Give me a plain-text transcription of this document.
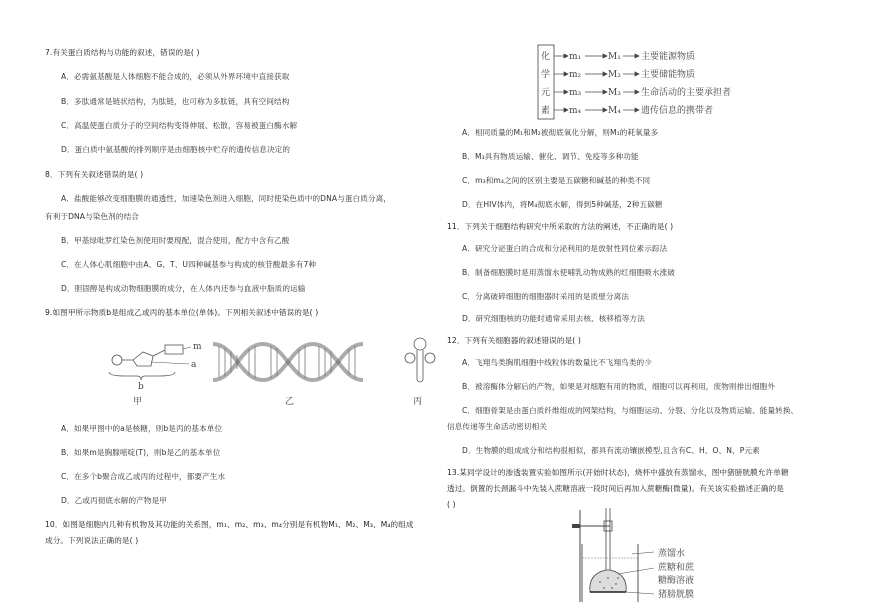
7.有关蛋白质结构与功能的叙述，错误的是( )
A．必需氨基酸是人体细胞不能合成的，必须从外界环境中直接获取
B．多肽通常是链状结构，为肽链，也可称为多肽链，具有空间结构
C．高温使蛋白质分子的空间结构变得伸展、松散，容易被蛋白酶水解
D．蛋白质中氨基酸的排列顺序是由细胞核中贮存的遗传信息决定的
8．下列有关叙述错误的是( )
A．盐酸能够改变细胞膜的通透性，加速染色剂进入细胞，同时使染色质中的DNA与蛋白质分离，
有利于DNA与染色剂的结合
B．甲基绿吡罗红染色剂使用时要现配，混合使用，配方中含有乙酸
C．在人体心肌细胞中由A、G、T、U四种碱基参与构成的核苷酸最多有7种
D．胆固醇是构成动物细胞膜的成分，在人体内还参与血液中脂质的运输
9.如图甲所示物质b是组成乙或丙的基本单位(单体)。下列相关叙述中错误的是( )
m
a
b
甲	乙	丙
A．如果甲图中的a是核糖，则b是丙的基本单位
B．如果m是胸腺嘧啶(T)，则b是乙的基本单位
C．在多个b聚合成乙或丙的过程中，都要产生水
D．乙或丙彻底水解的产物是甲
10．如图是细胞内几种有机物及其功能的关系图，m₁、m₂、m₃、m₄分别是有机物M₁、M₂、M₃、M₄的组成
成分。下列说法正确的是( )
化
学
元
素
m₁	M₁ 主要能源物质
m₂	M₂ 主要储能物质
m₃	M₃ 生命活动的主要承担者
m₄	M₄ 遗传信息的携带者
A．相同质量的M₁和M₂被彻底氧化分解，则M₁的耗氧量多
B．M₃具有物质运输、催化、调节、免疫等多种功能
C．m₃和m₄之间的区别主要是五碳糖和碱基的种类不同
D．在HIV体内，将M₄彻底水解，得到5种碱基，2种五碳糖
11．下列关于细胞结构研究中所采取的方法的阐述，不正确的是( )
A．研究分泌蛋白的合成和分泌利用的是放射性同位素示踪法
B．制备细胞膜时是用蒸馏水使哺乳动物成熟的红细胞吸水涨破
C．分离破碎细胞的细胞器时采用的是质壁分离法
D．研究细胞核的功能时通常采用去核、核移植等方法
12．下列有关细胞器的叙述错误的是( )
A．飞翔鸟类胸肌细胞中线粒体的数量比不飞翔鸟类的少
B．被溶酶体分解后的产物，如果是对细胞有用的物质，细胞可以再利用，废物则排出细胞外
C．细胞骨架是由蛋白质纤维组成的网架结构，与细胞运动、分裂、分化以及物质运输、能量转换、
信息传递等生命活动密切相关
D．生物膜的组成成分和结构很相似，都具有流动镶嵌模型,且含有C、H、O、N、P元素
13.某同学设计的渗透装置实验如图所示(开始时状态)，烧杯中盛放有蒸馏水，图中猪膀胱膜允许单糖
透过。倒置的长颈漏斗中先装入蔗糖溶液一段时间后再加入蔗糖酶(微量)。有关该实验描述正确的是
( )
蒸馏水
蔗糖和蔗
糖酶溶液
猪膀胱膜
